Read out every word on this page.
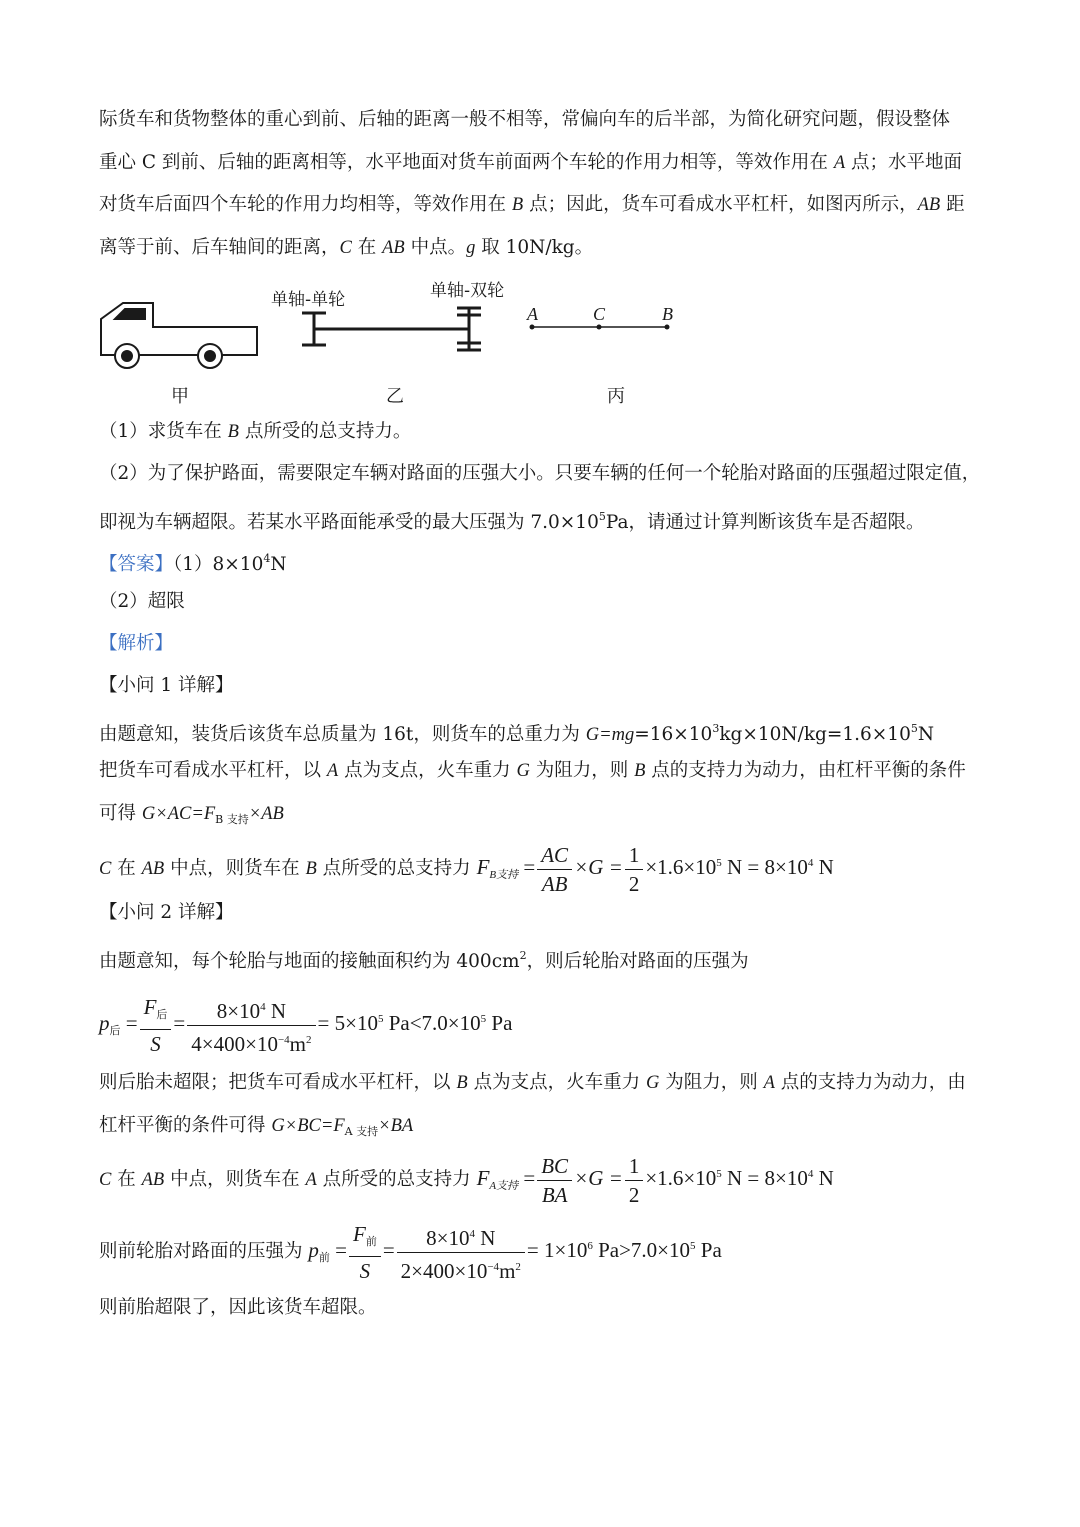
际货车和货物整体的重心到前、后轴的距离一般不相等，常偏向车的后半部，为简化研究问题，假设整体
重心 C 到前、后轴的距离相等，水平地面对货车前面两个车轮的作用力相等，等效作用在 A 点；水平地面
对货车后面四个车轮的作用力均相等，等效作用在 B 点；因此，货车可看成水平杠杆，如图丙所示，AB 距
离等于前、后车轴间的距离，C 在 AB 中点。g 取 10N/kg。
单轴-单轮	单轴-双轮
A	C	B
甲	乙	丙
（1）求货车在 B 点所受的总支持力。
（2）为了保护路面，需要限定车辆对路面的压强大小。只要车辆的任何一个轮胎对路面的压强超过限定值，
即视为车辆超限。若某水平路面能承受的最大压强为 $7.0\times 10^5Pa$，请通过计算判断该货车是否超限。
【答案】$(1)8\times 10^4N$
（2）超限
【解析】
【小问 1 详解】
由题意知，装货后该货车总质量为 16t，则货车的总重力为 $G=mg=16\times 10^3kg\times 10N/kg=1.6\times 10^5N$
把货车可看成水平杠杆，以 A 点为支点，火车重力 G 为阻力，则 B 点的支持力为动力，由杠杆平衡的条件
可得 $G\times AC=F_{B 支持}\times AB$
C 在 AB 中点，则货车在 B 点所受的总支持力 $F_{B支持} = \frac{AC}{AB} \times G = \frac{1}{2} \times 1.6\times 10^5$ $N = 8\times 10^4$ N
【小问 2 详解】
由题意知，每个轮胎与地面的接触面积约为 $400cm^2$，则后轮胎对路面的压强为
$p_后 = \frac{F_后}{S} = \frac{8\times 10^4 N}{4\times 400\times 10^{-4}m^2} = 5\times 10^5$ $Pa<7.0\times 10^5$ Pa
则后胎未超限；把货车可看成水平杠杆，以 B 点为支点，火车重力 G 为阻力，则 A 点的支持力为动力，由
杠杆平衡的条件可得 $G\times BC=F_{A 支持}\times BA$
C 在 AB 中点，则货车在 A 点所受的总支持力 $F_{A支持} = \frac{BC}{BA} \times G = \frac{1}{2} \times 1.6\times 10^5$ $N = 8\times 10^4$ N
则前轮胎对路面的压强为 $p_前 = \frac{F_前}{S} = \frac{8\times 10^4 N}{2\times 400\times 10^{-4}m^2} = 1\times 10^6$ $Pa>7.0\times 10^5$ Pa
则前胎超限了，因此该货车超限。
